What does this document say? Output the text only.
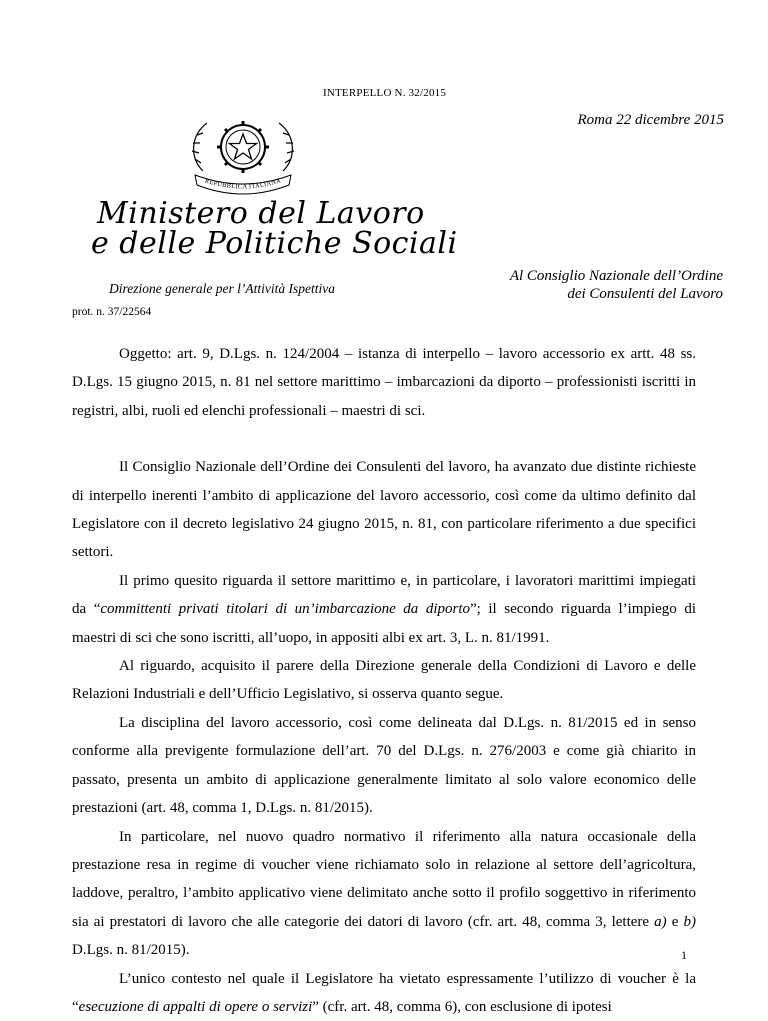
INTERPELLO N. 32/2015
Roma 22 dicembre 2015
REPUBBLICA ITALIANA
Ministero del Lavoro
e delle Politiche Sociali
Direzione generale per l’Attività Ispettiva
Al Consiglio Nazionale dell’Ordine
dei Consulenti del Lavoro
prot. n. 37/22564

Oggetto: art. 9, D.Lgs. n. 124/2004 – istanza di interpello – lavoro accessorio ex artt. 48 ss. D.Lgs. 15 giugno 2015, n. 81 nel settore marittimo – imbarcazioni da diporto – professionisti iscritti in registri, albi, ruoli ed elenchi professionali – maestri di sci.

Il Consiglio Nazionale dell’Ordine dei Consulenti del lavoro, ha avanzato due distinte richieste di interpello inerenti l’ambito di applicazione del lavoro accessorio, così come da ultimo definito dal Legislatore con il decreto legislativo 24 giugno 2015, n. 81, con particolare riferimento a due specifici settori.

Il primo quesito riguarda il settore marittimo e, in particolare, i lavoratori marittimi impiegati da “committenti privati titolari di un’imbarcazione da diporto”; il secondo riguarda l’impiego di maestri di sci che sono iscritti, all’uopo, in appositi albi ex art. 3, L. n. 81/1991.

Al riguardo, acquisito il parere della Direzione generale della Condizioni di Lavoro e delle Relazioni Industriali e dell’Ufficio Legislativo, si osserva quanto segue.

La disciplina del lavoro accessorio, così come delineata dal D.Lgs. n. 81/2015 ed in senso conforme alla previgente formulazione dell’art. 70 del D.Lgs. n. 276/2003 e come già chiarito in passato, presenta un ambito di applicazione generalmente limitato al solo valore economico delle prestazioni (art. 48, comma 1, D.Lgs. n. 81/2015).

In particolare, nel nuovo quadro normativo il riferimento alla natura occasionale della prestazione resa in regime di voucher viene richiamato solo in relazione al settore dell’agricoltura, laddove, peraltro, l’ambito applicativo viene delimitato anche sotto il profilo soggettivo in riferimento sia ai prestatori di lavoro che alle categorie dei datori di lavoro (cfr. art. 48, comma 3, lettere a) e b) D.Lgs. n. 81/2015).

L’unico contesto nel quale il Legislatore ha vietato espressamente l’utilizzo di voucher è la “esecuzione di appalti di opere o servizi” (cfr. art. 48, comma 6), con esclusione di ipotesi

1
